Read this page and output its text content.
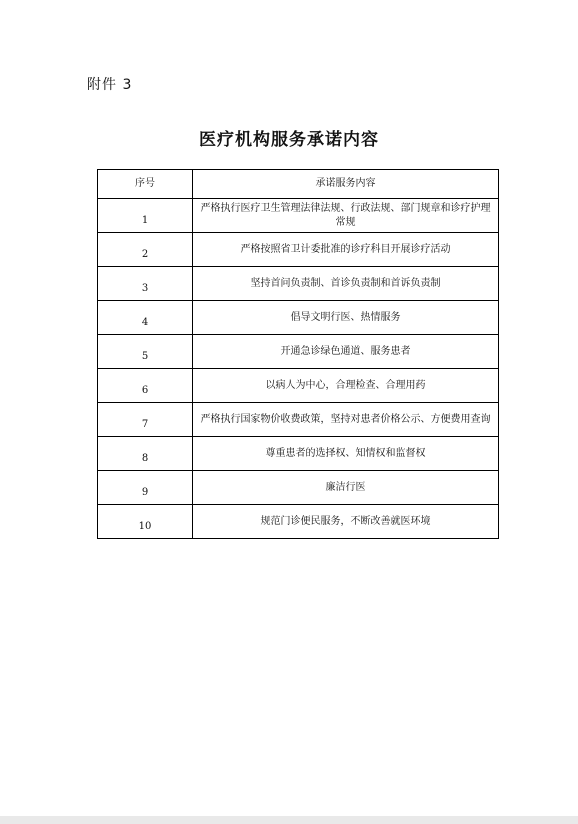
附件 3
医疗机构服务承诺内容
序号	承诺服务内容
1	严格执行医疗卫生管理法律法规、行政法规、部门规章和诊疗护理常规
2	严格按照省卫计委批准的诊疗科目开展诊疗活动
3	坚持首问负责制、首诊负责制和首诉负责制
4	倡导文明行医、热情服务
5	开通急诊绿色通道、服务患者
6	以病人为中心，合理检查、合理用药
7	严格执行国家物价收费政策，坚持对患者价格公示、方便费用查询
8	尊重患者的选择权、知情权和监督权
9	廉洁行医
10	规范门诊便民服务，不断改善就医环境
